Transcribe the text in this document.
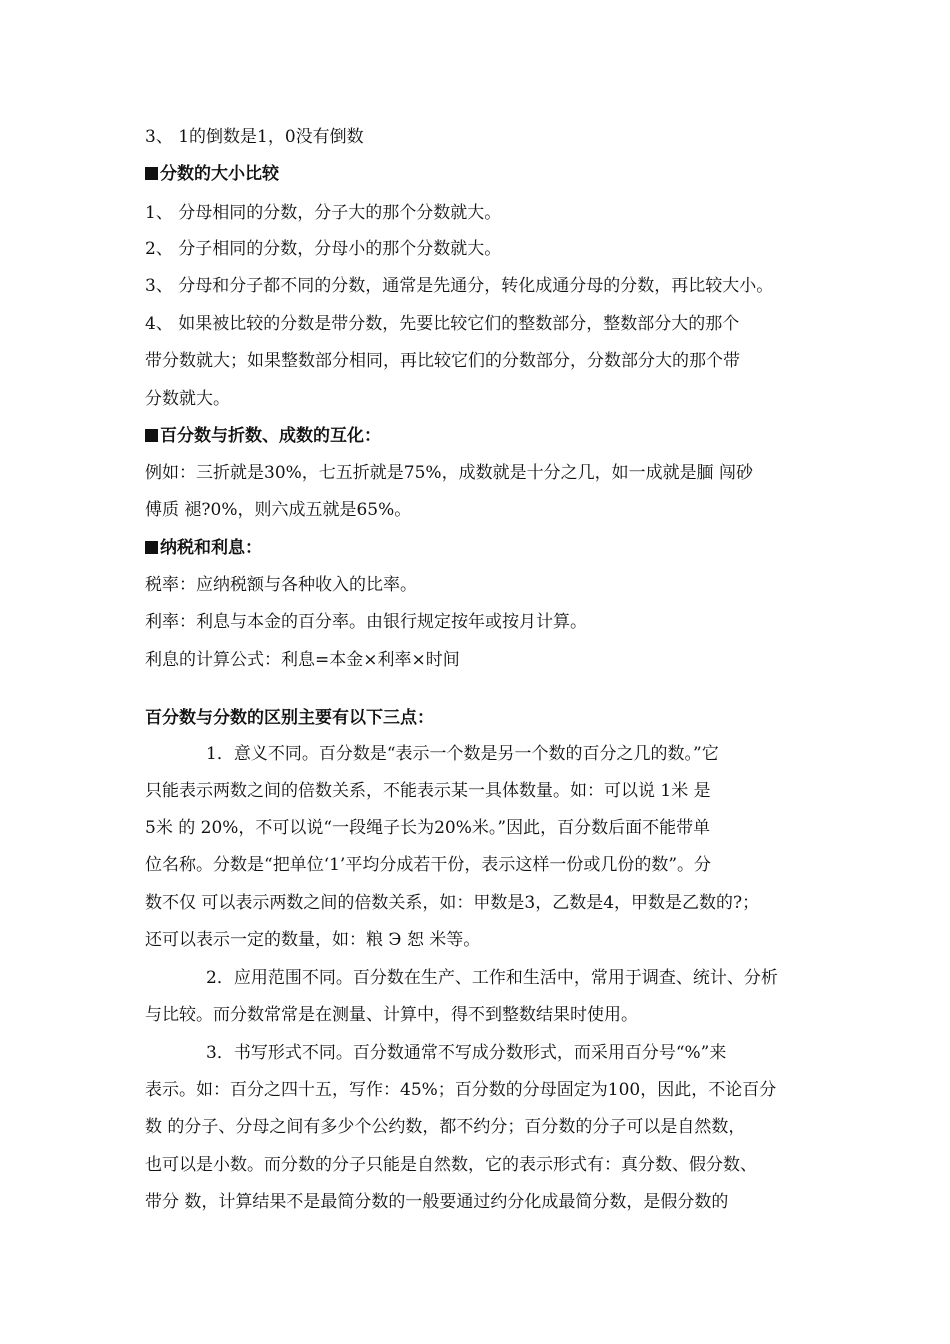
3、 1的倒数是1，0没有倒数
分数的大小比较
1、 分母相同的分数，分子大的那个分数就大。
2、 分子相同的分数，分母小的那个分数就大。
3、 分母和分子都不同的分数，通常是先通分，转化成通分母的分数，再比较大小。
4、 如果被比较的分数是带分数，先要比较它们的整数部分，整数部分大的那个
带分数就大；如果整数部分相同，再比较它们的分数部分，分数部分大的那个带
分数就大。
百分数与折数、成数的互化：
例如：三折就是30%，七五折就是75%，成数就是十分之几，如一成就是腼 闯砂
傅质 褪?0%，则六成五就是65%。
纳税和利息：
税率：应纳税额与各种收入的比率。
利率：利息与本金的百分率。由银行规定按年或按月计算。
利息的计算公式：利息=本金×利率×时间
百分数与分数的区别主要有以下三点：
1．意义不同。百分数是“表示一个数是另一个数的百分之几的数。”它
只能表示两数之间的倍数关系，不能表示某一具体数量。如：可以说 1米 是
5米 的 20%，不可以说“一段绳子长为20%米。”因此，百分数后面不能带单
位名称。分数是“把单位‘1’平均分成若干份，表示这样一份或几份的数”。分
数不仅 可以表示两数之间的倍数关系，如：甲数是3，乙数是4，甲数是乙数的?；
还可以表示一定的数量，如：粮 Э 恕 米等。
2．应用范围不同。百分数在生产、工作和生活中，常用于调查、统计、分析
与比较。而分数常常是在测量、计算中，得不到整数结果时使用。
3．书写形式不同。百分数通常不写成分数形式，而采用百分号“%”来
表示。如：百分之四十五，写作：45%；百分数的分母固定为100，因此，不论百分
数 的分子、分母之间有多少个公约数，都不约分；百分数的分子可以是自然数，
也可以是小数。而分数的分子只能是自然数，它的表示形式有：真分数、假分数、
带分 数，计算结果不是最简分数的一般要通过约分化成最简分数，是假分数的
